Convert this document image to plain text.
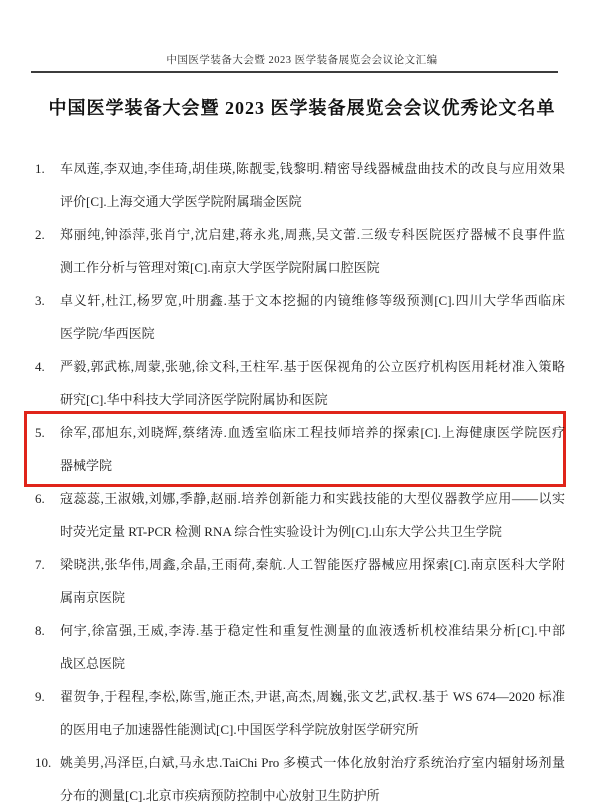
中国医学装备大会暨 2023 医学装备展览会会议论文汇编
中国医学装备大会暨 2023 医学装备展览会会议优秀论文名单
1.	车凤莲,李双迪,李佳琦,胡佳瑛,陈靓雯,钱黎明.精密导线器械盘曲技术的改良与应用效果
评价[C].上海交通大学医学院附属瑞金医院
2.	郑丽纯,钟添萍,张肖宁,沈启建,蒋永兆,周燕,吴文蕾.三级专科医院医疗器械不良事件监
测工作分析与管理对策[C].南京大学医学院附属口腔医院
3.	卓义轩,杜江,杨罗宽,叶朋鑫.基于文本挖掘的内镜维修等级预测[C].四川大学华西临床
医学院/华西医院
4.	严毅,郭武栋,周蒙,张驰,徐文科,王柱军.基于医保视角的公立医疗机构医用耗材准入策略
研究[C].华中科技大学同济医学院附属协和医院
5.	徐军,邵旭东,刘晓辉,蔡绪涛.血透室临床工程技师培养的探索[C].上海健康医学院医疗
器械学院
6.	寇蕊蕊,王淑娥,刘娜,季静,赵丽.培养创新能力和实践技能的大型仪器教学应用——以实
时荧光定量 RT-PCR 检测 RNA 综合性实验设计为例[C].山东大学公共卫生学院
7.	梁晓洪,张华伟,周鑫,余晶,王雨荷,秦航.人工智能医疗器械应用探索[C].南京医科大学附
属南京医院
8.	何宇,徐富强,王威,李涛.基于稳定性和重复性测量的血液透析机校准结果分析[C].中部
战区总医院
9.	翟贺争,于程程,李松,陈雪,施正杰,尹谌,高杰,周巍,张文艺,武权.基于 WS 674—2020 标准
的医用电子加速器性能测试[C].中国医学科学院放射医学研究所
10. 姚美男,冯泽臣,白斌,马永忠.TaiChi Pro 多模式一体化放射治疗系统治疗室内辐射场剂量
分布的测量[C].北京市疾病预防控制中心放射卫生防护所
